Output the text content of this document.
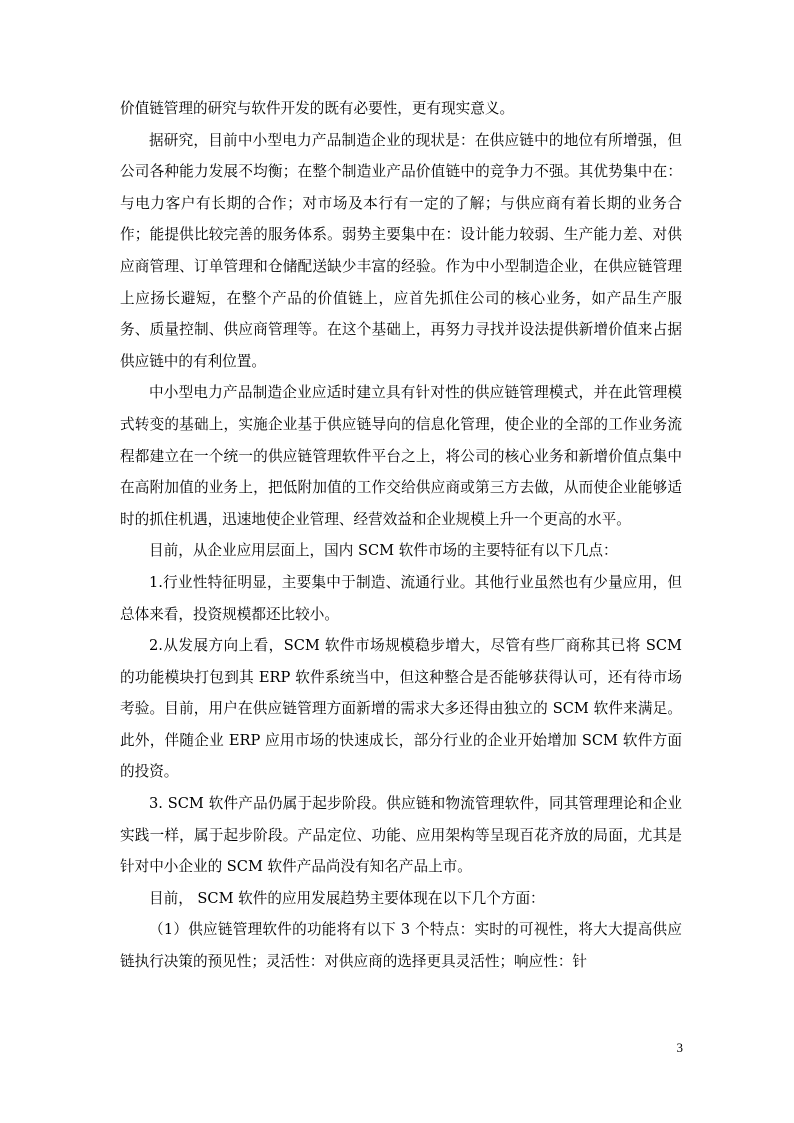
价值链管理的研究与软件开发的既有必要性，更有现实意义。

据研究，目前中小型电力产品制造企业的现状是：在供应链中的地位有所增强，但公司各种能力发展不均衡；在整个制造业产品价值链中的竞争力不强。其优势集中在：与电力客户有长期的合作；对市场及本行有一定的了解；与供应商有着长期的业务合作；能提供比较完善的服务体系。弱势主要集中在：设计能力较弱、生产能力差、对供应商管理、订单管理和仓储配送缺少丰富的经验。作为中小型制造企业，在供应链管理上应扬长避短，在整个产品的价值链上，应首先抓住公司的核心业务，如产品生产服务、质量控制、供应商管理等。在这个基础上，再努力寻找并设法提供新增价值来占据供应链中的有利位置。

中小型电力产品制造企业应适时建立具有针对性的供应链管理模式，并在此管理模式转变的基础上，实施企业基于供应链导向的信息化管理，使企业的全部的工作业务流程都建立在一个统一的供应链管理软件平台之上，将公司的核心业务和新增价值点集中在高附加值的业务上，把低附加值的工作交给供应商或第三方去做，从而使企业能够适时的抓住机遇，迅速地使企业管理、经营效益和企业规模上升一个更高的水平。

目前，从企业应用层面上，国内 SCM 软件市场的主要特征有以下几点：

1.行业性特征明显，主要集中于制造、流通行业。其他行业虽然也有少量应用，但总体来看，投资规模都还比较小。

2.从发展方向上看，SCM 软件市场规模稳步增大，尽管有些厂商称其已将 SCM 的功能模块打包到其 ERP 软件系统当中，但这种整合是否能够获得认可，还有待市场考验。目前，用户在供应链管理方面新增的需求大多还得由独立的 SCM 软件来满足。此外，伴随企业 ERP 应用市场的快速成长，部分行业的企业开始增加 SCM 软件方面的投资。

3. SCM 软件产品仍属于起步阶段。供应链和物流管理软件，同其管理理论和企业实践一样，属于起步阶段。产品定位、功能、应用架构等呈现百花齐放的局面，尤其是针对中小企业的 SCM 软件产品尚没有知名产品上市。

目前， SCM 软件的应用发展趋势主要体现在以下几个方面：

（1）供应链管理软件的功能将有以下 3 个特点：实时的可视性，将大大提高供应链执行决策的预见性；灵活性：对供应商的选择更具灵活性；响应性：针

3
